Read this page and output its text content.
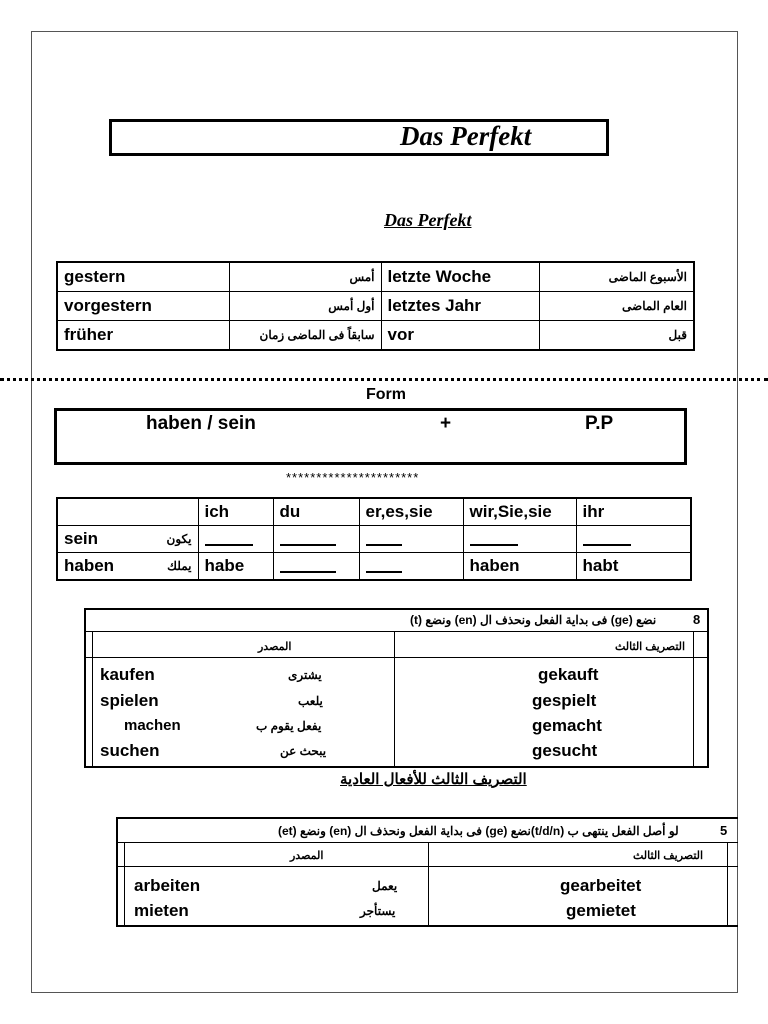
Das Perfekt
Das Perfekt
gestern	أمس	letzte Woche	الأسبوع الماضى
vorgestern	أول أمس	letztes Jahr	العام الماضى
früher	سابقاً فى الماضى زمان	vor	قبل
Form
haben / sein	+	P.P
**********************
	ich	du	er,es,sie	wir,Sie,sie	ihr
sein يكون					

haben يملك	habe			haben	habt
8
نضع (ge) فى بداية الفعل ونحذف ال (en) ونضع (t)
التصريف الثالث
المصدر
kaufen	يشترى	gekauft
spielen	يلعب	gespielt
machen	يفعل يقوم ب	gemacht
suchen	يبحث عن	gesucht
التصريف الثالث للأفعال العادية
5
لو أصل الفعل ينتهى ب (t/d/n)نضع (ge) فى بداية الفعل ونحذف ال (en) ونضع (et)
التصريف الثالث
المصدر
arbeiten	يعمل	gearbeitet
mieten	يستأجر	gemietet
